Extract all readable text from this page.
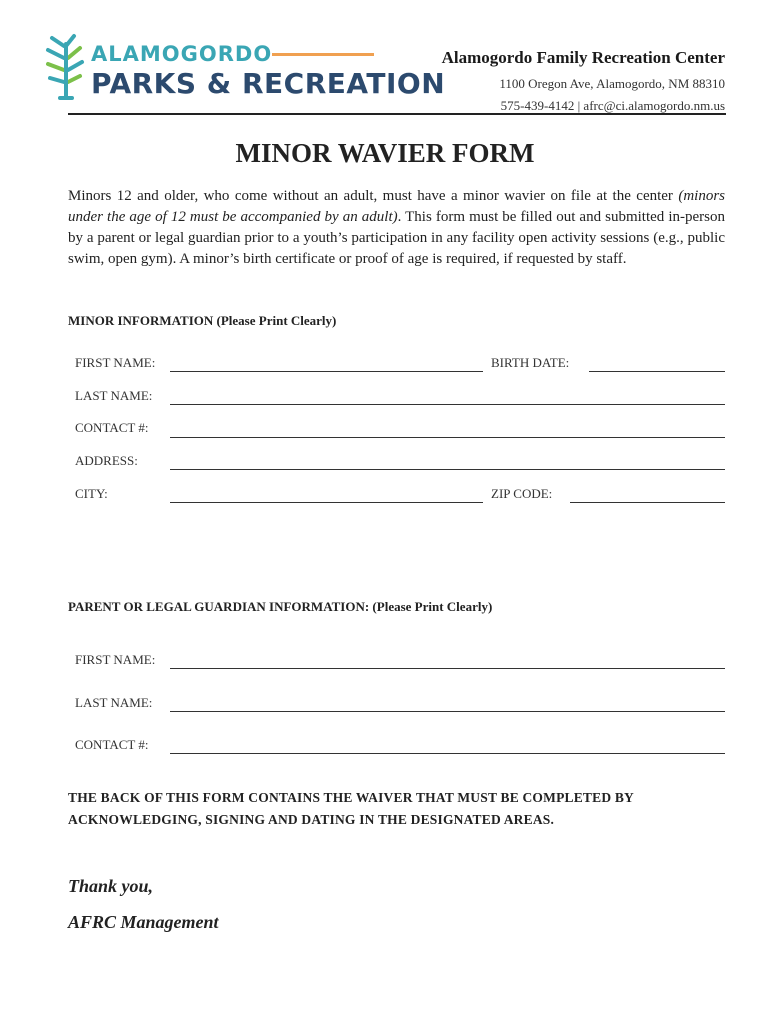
ALAMOGORDO
PARKS & RECREATION
Alamogordo Family Recreation Center
1100 Oregon Ave, Alamogordo, NM 88310
575-439-4142 | afrc@ci.alamogordo.nm.us
MINOR WAVIER FORM
Minors 12 and older, who come without an adult, must have a minor wavier on file at the center (minors under the age of 12 must be accompanied by an adult). This form must be filled out and submitted in-person by a parent or legal guardian prior to a youth’s participation in any facility open activity sessions (e.g., public swim, open gym). A minor’s birth certificate or proof of age is required, if requested by staff.
MINOR INFORMATION (Please Print Clearly)
FIRST NAME:	BIRTH DATE:
LAST NAME:
CONTACT #:
ADDRESS:
CITY:	ZIP CODE:
PARENT OR LEGAL GUARDIAN INFORMATION: (Please Print Clearly)
FIRST NAME:
LAST NAME:
CONTACT #:
THE BACK OF THIS FORM CONTAINS THE WAIVER THAT MUST BE COMPLETED BY ACKNOWLEDGING, SIGNING AND DATING IN THE DESIGNATED AREAS.
Thank you,
AFRC Management
